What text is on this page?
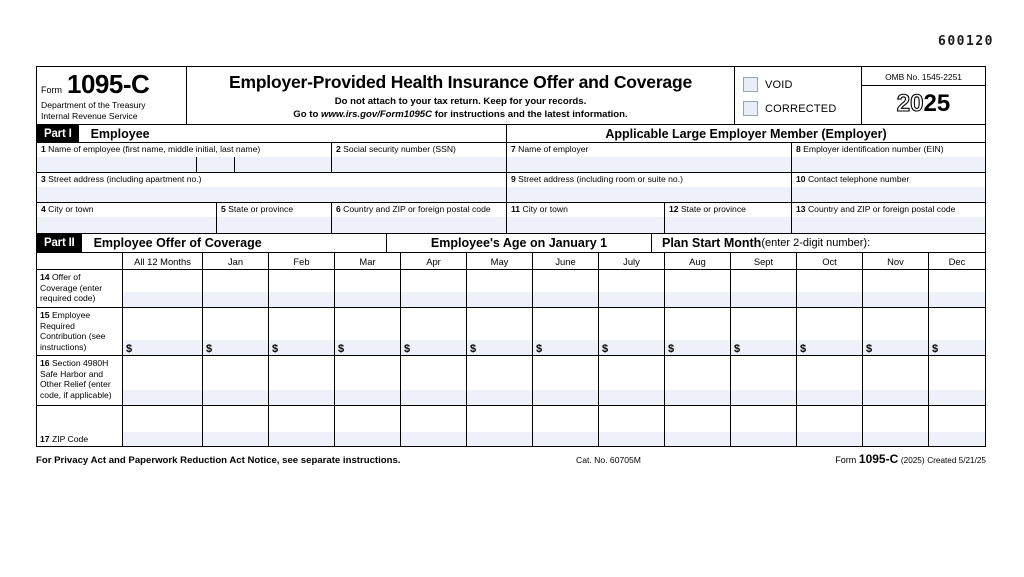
600120
Form 1095-C
Department of the Treasury
Internal Revenue Service
Employer-Provided Health Insurance Offer and Coverage
Do not attach to your tax return. Keep for your records.
Go to www.irs.gov/Form1095C for instructions and the latest information.
VOID
CORRECTED
OMB No. 1545-2251
20 25
Part I	Employee	Applicable Large Employer Member (Employer)
1 Name of employee (first name, middle initial, last name)	2 Social security number (SSN)
3 Street address (including apartment no.)
4 City or town	5 State or province	6 Country and ZIP or foreign postal code
7 Name of employer	8 Employer identification number (EIN)
9 Street address (including room or suite no.)	10 Contact telephone number
11 City or town	12 State or province	13 Country and ZIP or foreign postal code
Part II	Employee Offer of Coverage	Employee's Age on January 1	Plan Start Month (enter 2-digit number):
All 12 Months	Jan	Feb	Mar	Apr	May	June	July	Aug	Sept	Oct	Nov	Dec
14 Offer of Coverage (enter required code)
15 Employee Required Contribution (see instructions)	$	$	$	$	$	$	$	$	$	$	$	$	$
16 Section 4980H Safe Harbor and Other Relief (enter code, if applicable)
17
ZIP Code
For Privacy Act and Paperwork Reduction Act Notice, see separate instructions.	Cat. No. 60705M	Form 1095-C (2025) Created 5/21/25
